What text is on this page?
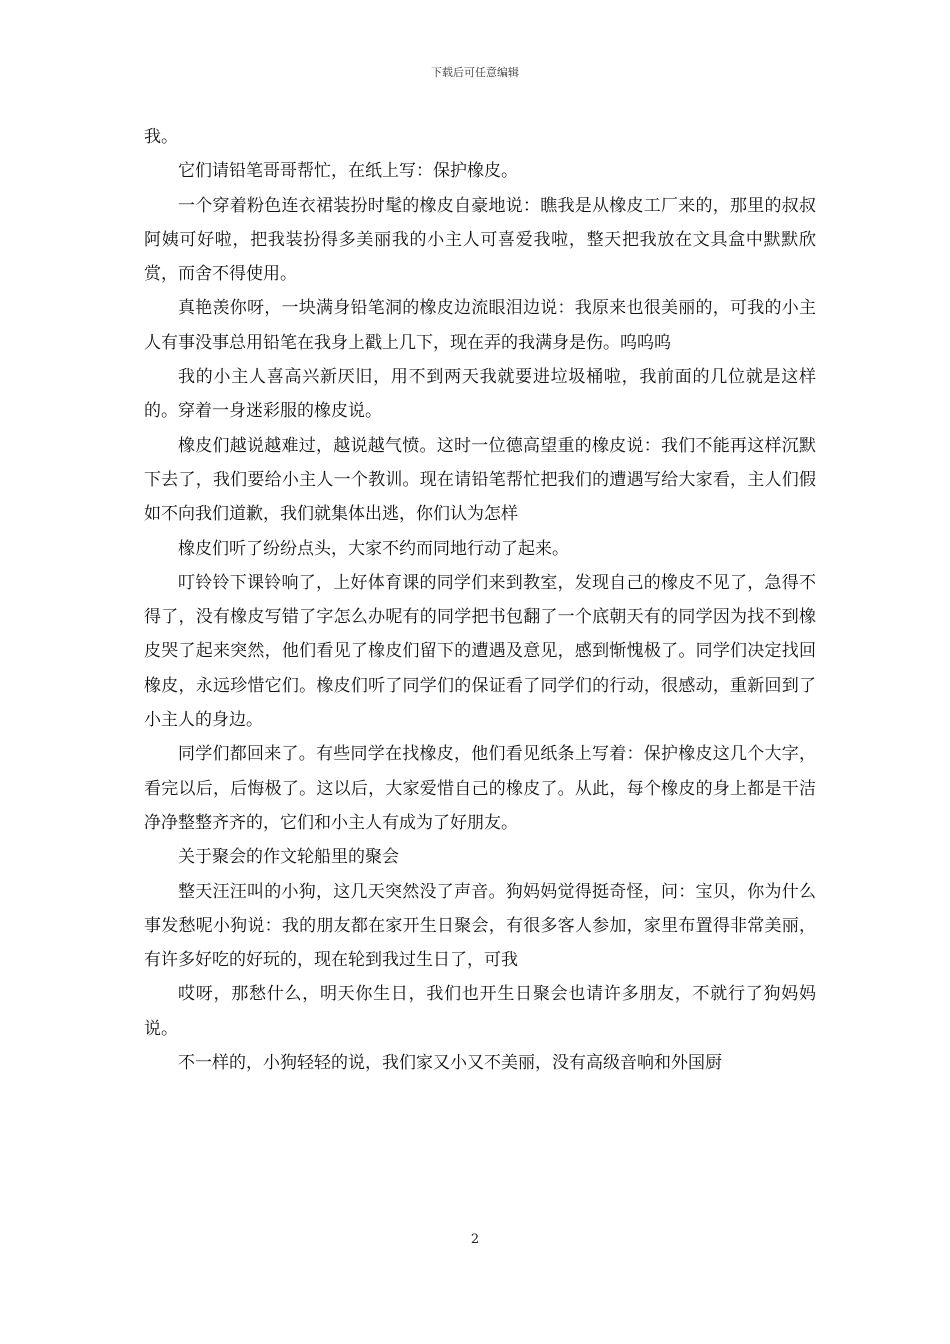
下载后可任意编辑

我。

它们请铅笔哥哥帮忙，在纸上写：保护橡皮。

一个穿着粉色连衣裙装扮时髦的橡皮自豪地说：瞧我是从橡皮工厂来的，那里的叔叔阿姨可好啦，把我装扮得多美丽我的小主人可喜爱我啦，整天把我放在文具盒中默默欣赏，而舍不得使用。

真艳羡你呀，一块满身铅笔洞的橡皮边流眼泪边说：我原来也很美丽的，可我的小主人有事没事总用铅笔在我身上戳上几下，现在弄的我满身是伤。呜呜呜

我的小主人喜高兴新厌旧，用不到两天我就要进垃圾桶啦，我前面的几位就是这样的。穿着一身迷彩服的橡皮说。

橡皮们越说越难过，越说越气愤。这时一位德高望重的橡皮说：我们不能再这样沉默下去了，我们要给小主人一个教训。现在请铅笔帮忙把我们的遭遇写给大家看，主人们假如不向我们道歉，我们就集体出逃，你们认为怎样

橡皮们听了纷纷点头，大家不约而同地行动了起来。

叮铃铃下课铃响了，上好体育课的同学们来到教室，发现自己的橡皮不见了，急得不得了，没有橡皮写错了字怎么办呢有的同学把书包翻了一个底朝天有的同学因为找不到橡皮哭了起来突然，他们看见了橡皮们留下的遭遇及意见，感到惭愧极了。同学们决定找回橡皮，永远珍惜它们。橡皮们听了同学们的保证看了同学们的行动，很感动，重新回到了小主人的身边。

同学们都回来了。有些同学在找橡皮，他们看见纸条上写着：保护橡皮这几个大字，看完以后，后悔极了。这以后，大家爱惜自己的橡皮了。从此，每个橡皮的身上都是干洁净净整整齐齐的，它们和小主人有成为了好朋友。

关于聚会的作文轮船里的聚会

整天汪汪叫的小狗，这几天突然没了声音。狗妈妈觉得挺奇怪，问：宝贝，你为什么事发愁呢小狗说：我的朋友都在家开生日聚会，有很多客人参加，家里布置得非常美丽，有许多好吃的好玩的，现在轮到我过生日了，可我

哎呀，那愁什么，明天你生日，我们也开生日聚会也请许多朋友，不就行了狗妈妈说。

不一样的，小狗轻轻的说，我们家又小又不美丽，没有高级音响和外国厨

2
